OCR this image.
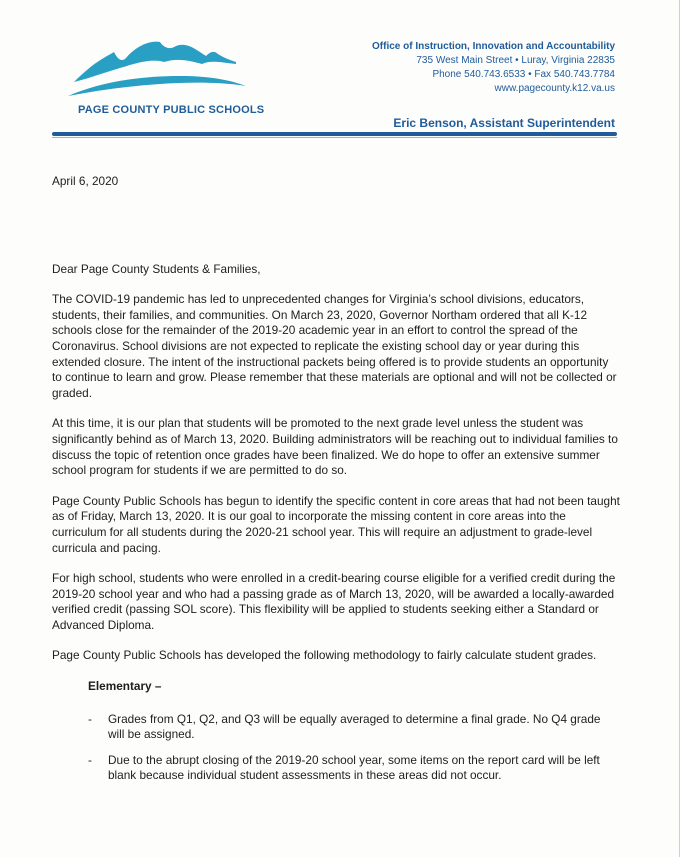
PAGE COUNTY PUBLIC SCHOOLS
Office of Instruction, Innovation and Accountability
735 West Main Street • Luray, Virginia 22835
Phone 540.743.6533 • Fax 540.743.7784
www.pagecounty.k12.va.us
Eric Benson, Assistant Superintendent

April 6, 2020

Dear Page County Students & Families,

The COVID-19 pandemic has led to unprecedented changes for Virginia’s school divisions, educators, students, their families, and communities. On March 23, 2020, Governor Northam ordered that all K-12 schools close for the remainder of the 2019-20 academic year in an effort to control the spread of the Coronavirus. School divisions are not expected to replicate the existing school day or year during this extended closure. The intent of the instructional packets being offered is to provide students an opportunity to continue to learn and grow. Please remember that these materials are optional and will not be collected or graded.

At this time, it is our plan that students will be promoted to the next grade level unless the student was significantly behind as of March 13, 2020. Building administrators will be reaching out to individual families to discuss the topic of retention once grades have been finalized. We do hope to offer an extensive summer school program for students if we are permitted to do so.

Page County Public Schools has begun to identify the specific content in core areas that had not been taught as of Friday, March 13, 2020. It is our goal to incorporate the missing content in core areas into the curriculum for all students during the 2020-21 school year. This will require an adjustment to grade-level curricula and pacing.

For high school, students who were enrolled in a credit-bearing course eligible for a verified credit during the 2019-20 school year and who had a passing grade as of March 13, 2020, will be awarded a locally-awarded verified credit (passing SOL score). This flexibility will be applied to students seeking either a Standard or Advanced Diploma.

Page County Public Schools has developed the following methodology to fairly calculate student grades.

Elementary –
- Grades from Q1, Q2, and Q3 will be equally averaged to determine a final grade. No Q4 grade will be assigned.
- Due to the abrupt closing of the 2019-20 school year, some items on the report card will be left blank because individual student assessments in these areas did not occur.
